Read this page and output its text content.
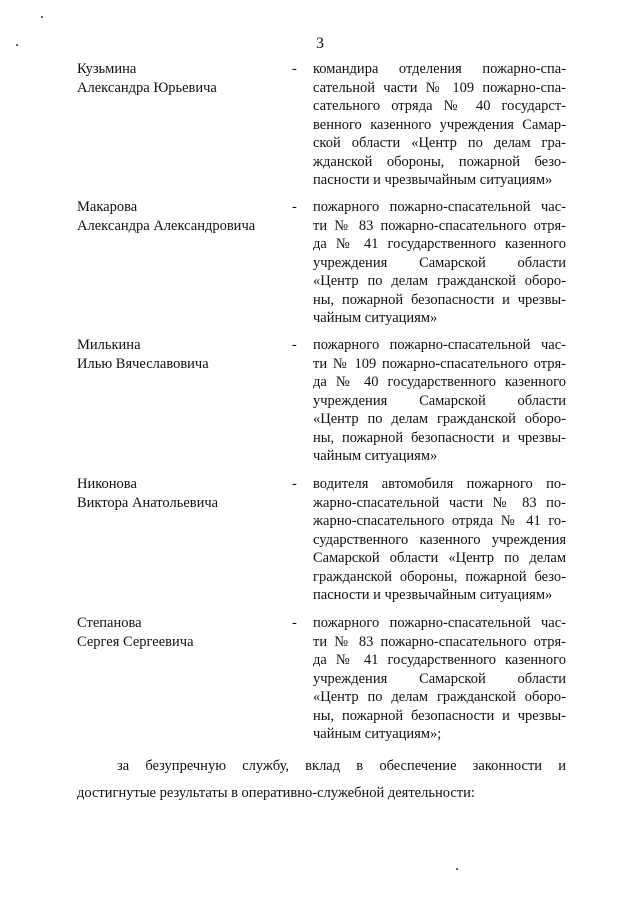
3
Кузьмина
Александра Юрьевича
- командира отделения пожарно-спа-
сательной части № 109 пожарно-спа-
сательного отряда № 40 государст-
венного казенного учреждения Самар-
ской области «Центр по делам гра-
жданской обороны, пожарной безо-
пасности и чрезвычайным ситуациям»
Макарова
Александра Александровича
- пожарного пожарно-спасательной час-
ти № 83 пожарно-спасательного отря-
да № 41 государственного казенного
учреждения Самарской области
«Центр по делам гражданской оборо-
ны, пожарной безопасности и чрезвы-
чайным ситуациям»
Милькина
Илью Вячеславовича
- пожарного пожарно-спасательной час-
ти № 109 пожарно-спасательного отря-
да № 40 государственного казенного
учреждения Самарской области
«Центр по делам гражданской оборо-
ны, пожарной безопасности и чрезвы-
чайным ситуациям»
Никонова
Виктора Анатольевича
- водителя автомобиля пожарного по-
жарно-спасательной части № 83 по-
жарно-спасательного отряда № 41 го-
сударственного казенного учреждения
Самарской области «Центр по делам
гражданской обороны, пожарной безо-
пасности и чрезвычайным ситуациям»
Степанова
Сергея Сергеевича
- пожарного пожарно-спасательной час-
ти № 83 пожарно-спасательного отря-
да № 41 государственного казенного
учреждения Самарской области
«Центр по делам гражданской оборо-
ны, пожарной безопасности и чрезвы-
чайным ситуациям»;
за безупречную службу, вклад в обеспечение законности и
достигнутые результаты в оперативно-служебной деятельности:
